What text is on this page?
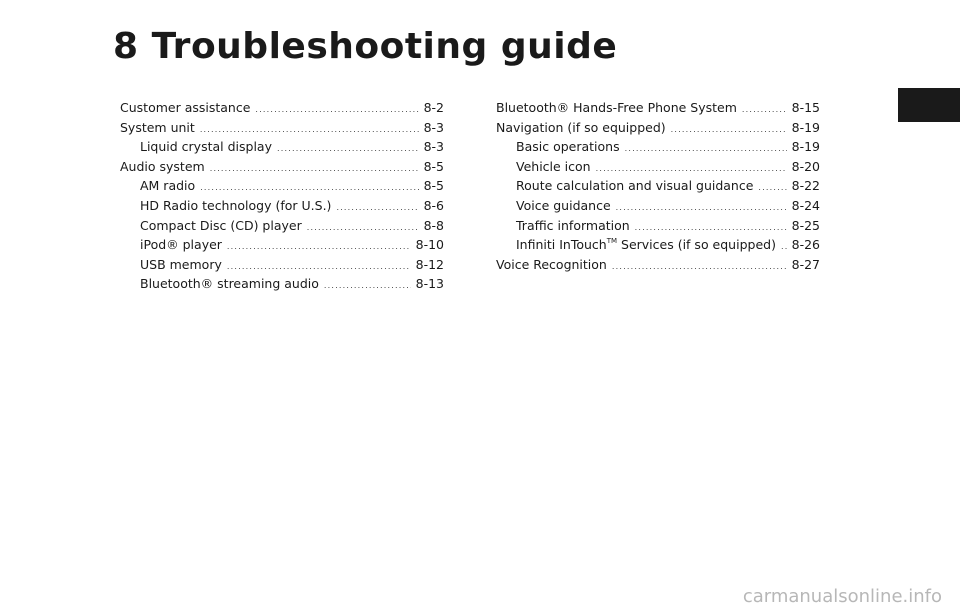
8 Troubleshooting guide
Customer assistance .....	8-2
System unit .....	8-3
Liquid crystal display .....	8-3
Audio system .....	8-5
AM radio .....	8-5
HD Radio technology (for U.S.) .....	8-6
Compact Disc (CD) player .....	8-8
iPod® player .....	8-10
USB memory .....	8-12
Bluetooth® streaming audio .....	8-13
Bluetooth® Hands-Free Phone System .....	8-15
Navigation (if so equipped) .....	8-19
Basic operations .....	8-19
Vehicle icon .....	8-20
Route calculation and visual guidance .....	8-22
Voice guidance .....	8-24
Traffic information .....	8-25
Infiniti InTouch™ Services (if so equipped) ..... 8-26
Voice Recognition .....	8-27
carmanualsonline.info
